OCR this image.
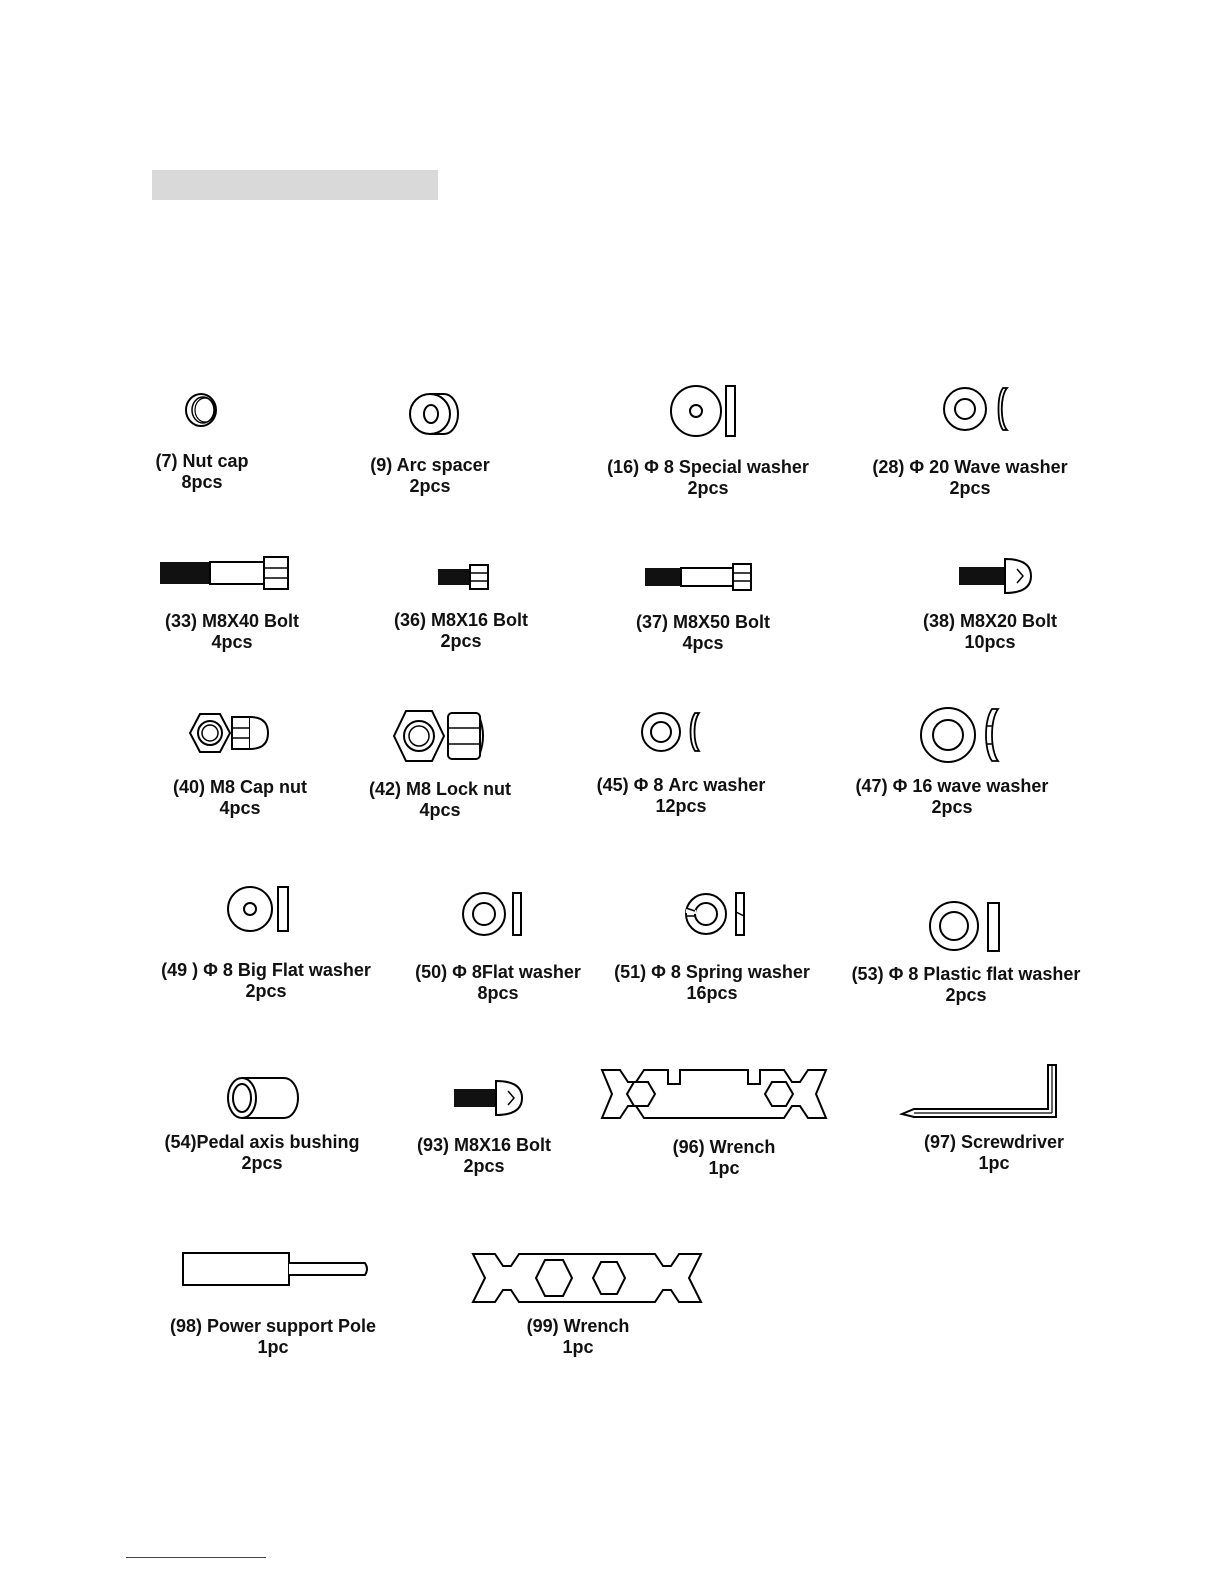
(7) Nut cap
8pcs
(9) Arc spacer
2pcs
(16) Φ 8 Special washer
2pcs
(28) Φ 20 Wave washer
2pcs
(33) M8X40 Bolt
4pcs
(36) M8X16 Bolt
2pcs
(37) M8X50 Bolt
4pcs
(38) M8X20 Bolt
10pcs
(40) M8 Cap nut
4pcs
(42) M8 Lock nut
4pcs
(45) Φ 8 Arc washer
12pcs
(47) Φ 16 wave washer
2pcs
(49 ) Φ 8 Big Flat washer
2pcs
(50) Φ 8Flat washer
8pcs
(51) Φ 8 Spring washer
16pcs
(53) Φ 8 Plastic flat washer
2pcs
(54)Pedal axis bushing
2pcs
(93) M8X16 Bolt
2pcs
(96) Wrench
1pc
(97) Screwdriver
1pc
(98) Power support Pole
1pc
(99) Wrench
1pc
